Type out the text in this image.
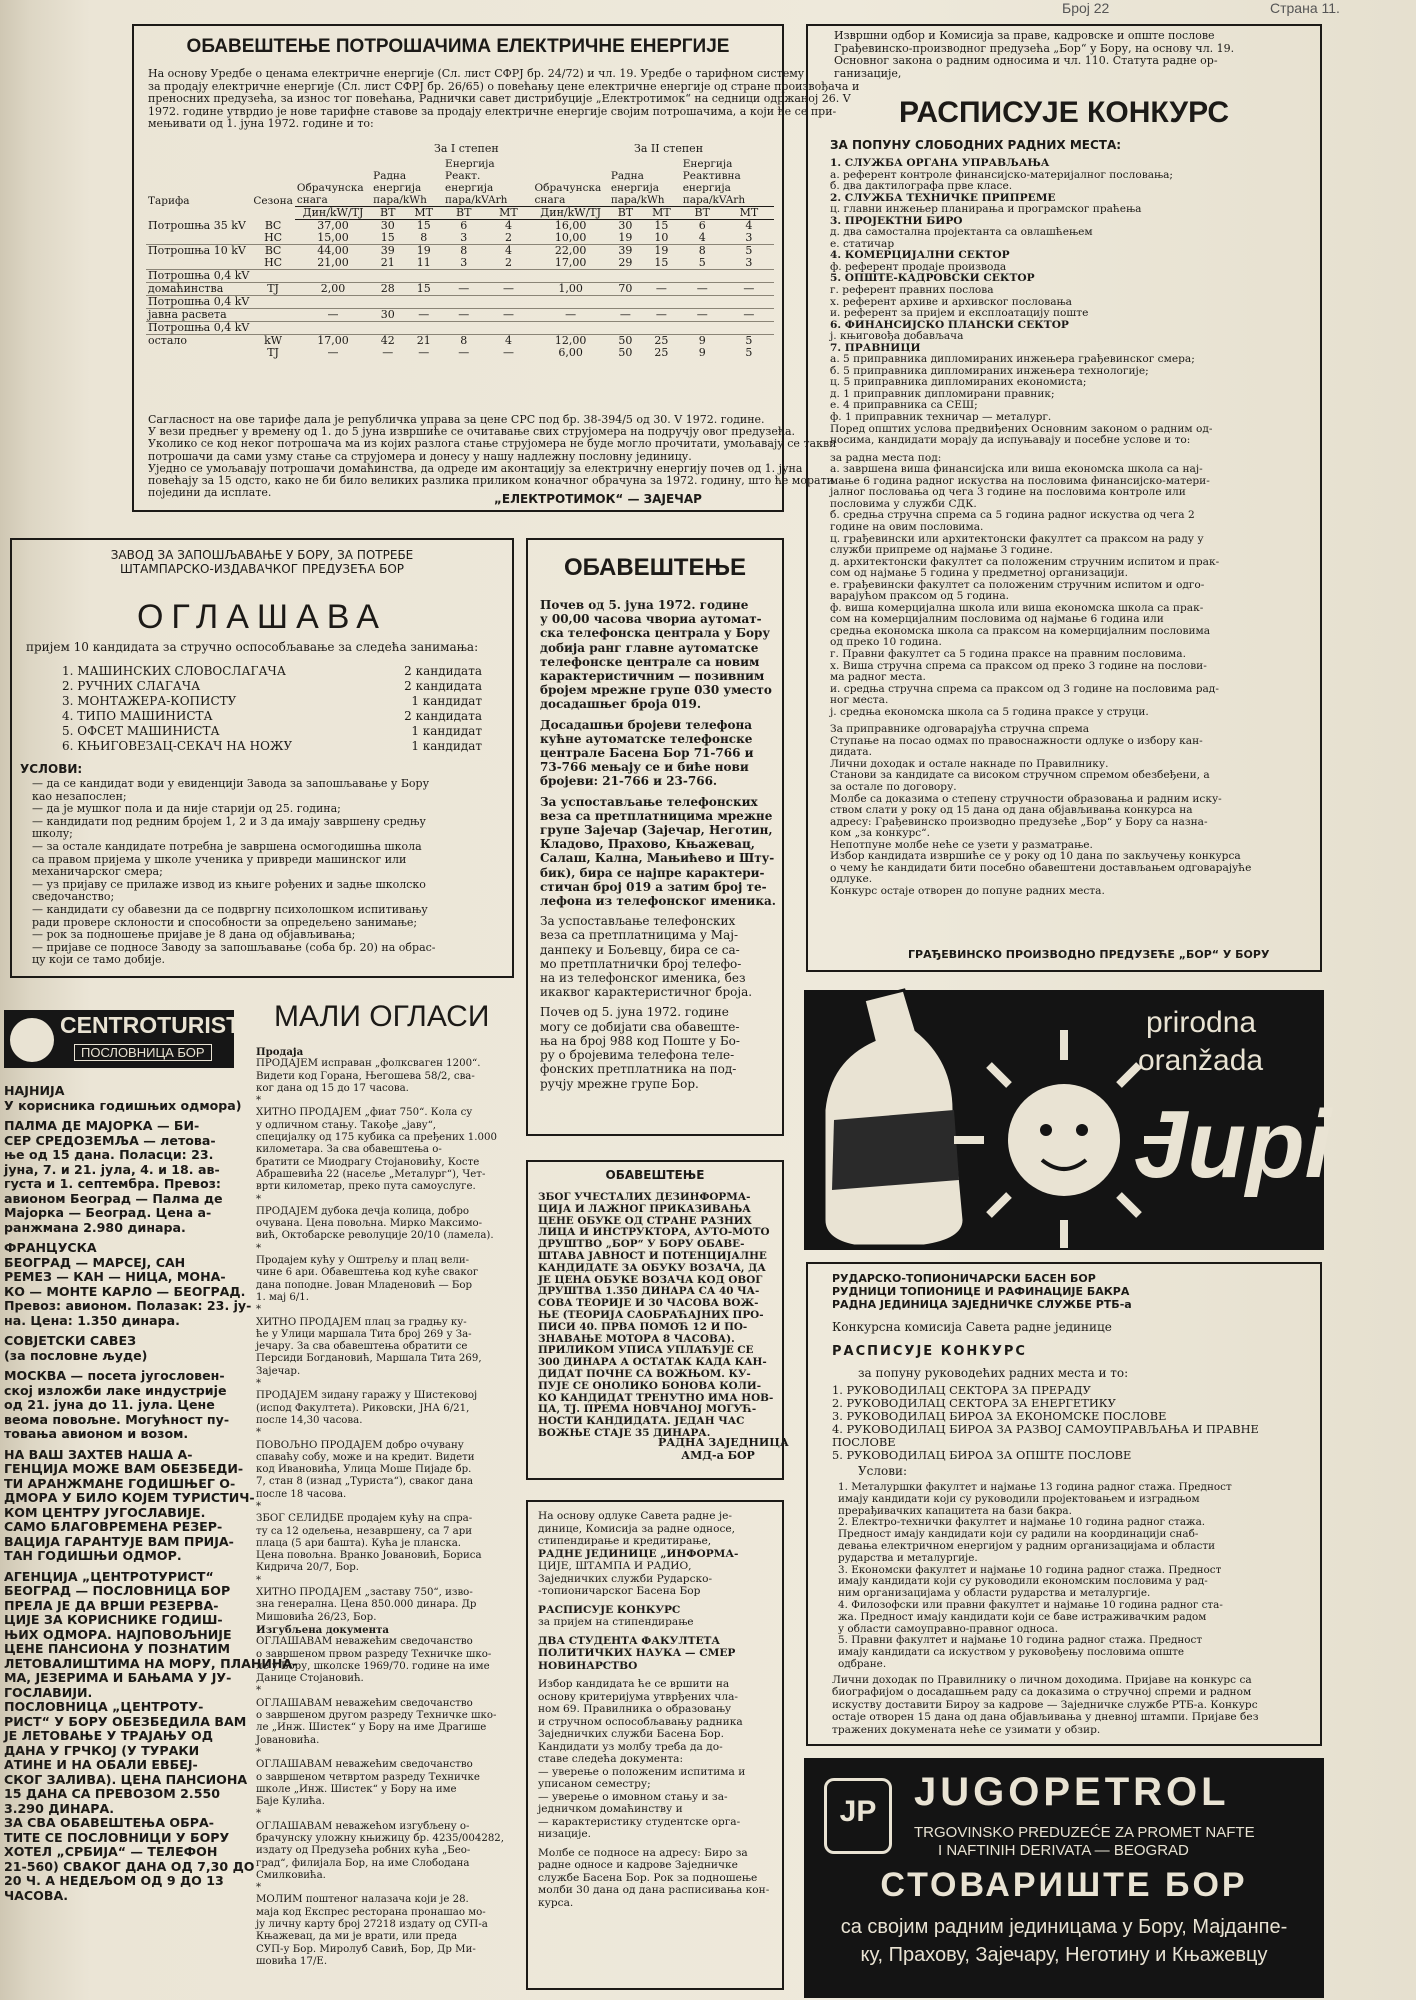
Број 22	Страна 11.
ОБАВЕШТЕЊЕ ПОТРОШАЧИМА ЕЛЕКТРИЧНЕ ЕНЕРГИЈЕ
На основу Уредбе о ценама електричне енергије (Сл. лист СФРЈ бр. 24/72) и чл. 19. Уредбе о тарифном систему
за продају електричне енергије (Сл. лист СФРЈ бр. 26/65) о повећању цене електричне енергије од стране произвођача и
преносних предузећа, за износ тог повећања, Раднички савет дистрибуције „Електротимок“ на седници одржаној 26. V
1972. године утврдио је нове тарифне ставове за продају електричне енергије својим потрошачима, а који ће се при-
мењивати од 1. јуна 1972. године и то:
За I степен	За II степен
Тарифа	Сезона	Обрачунска снага	Радна енергија пара/kWh		Енергија Реакт. енергија пара/kVArh		Обрачунска снага	Радна енергија пара/kWh		Енергија Реактивна енергија пара/kVArh	
		Дин/kW/TJ	ВТ	МТ	ВТ	МТ	Дин/kW/TJ	ВТ	МТ	ВТ	МТ
Потрошња 35 kV	ВС	37,00	30	15	6	4	16,00	30	15	6	4
	НС	15,00	15	8	3	2	10,00	19	10	4	3
Потрошња 10 kV	ВС	44,00	39	19	8	4	22,00	39	19	8	5
	НС	21,00	21	11	3	2	17,00	29	15	5	3
Потрошња 0,4 kV											
домаћинства	TJ	2,00	28	15	—	—	1,00	70	—	—	—
Потрошња 0,4 kV											
јавна расвета		—	30	—	—	—	—	—	—	—	—
Потрошња 0,4 kV											
остало	kW	17,00	42	21	8	4	12,00	50	25	9	5
	TJ	—	—	—	—	—	6,00	50	25	9	5
Сагласност на ове тарифе дала је републичка управа за цене СРС под бр. 38-394/5 од 30. V 1972. године.
У вези предњег у времену од 1. до 5 јуна извршиће се очитавање свих струјомера на подручју овог предузећа.
Уколико се код неког потрошача ма из којих разлога стање струјомера не буде могло прочитати, умољавају се такви
потрошачи да сами узму стање са струјомера и донесу у нашу надлежну пословну јединицу.
Уједно се умољавају потрошачи домаћинства, да одреде им аконтацију за електричну енергију почев од 1. јуна
повећају за 15 одсто, како не би било великих разлика приликом коначног обрачуна за 1972. годину, што ће морати
поједини да исплате.	„ЕЛЕКТРОТИМОК“ — ЗАЈЕЧАР
Извршни одбор и Комисија за праве, кадровске и опште послове
Грађевинско-производног предузећа „Бор“ у Бору, на основу чл. 19.
Основног закона о радним односима и чл. 110. Статута радне ор-
ганизације,
РАСПИСУЈЕ КОНКУРС
ЗА ПОПУНУ СЛОБОДНИХ РАДНИХ МЕСТА:
1. СЛУЖБА ОРГАНА УПРАВЉАЊА
а. референт контроле финансијско-материјалног пословања;
б. два дактилографа прве класе.
2. СЛУЖБА ТЕХНИЧКЕ ПРИПРЕМЕ
ц. главни инжењер планирања и програмског праћења
3. ПРОЈЕКТНИ БИРО
д. два самостална пројектанта са овлашћењем
е. статичар
4. КОМЕРЦИЈАЛНИ СЕКТОР
ф. референт продаје производа
5. ОПШТЕ-КАДРОВСКИ СЕКТОР
г. референт правних послова
х. референт архиве и архивског пословања
и. референт за пријем и експлоатацију поште
6. ФИНАНСИЈСКО ПЛАНСКИ СЕКТОР
ј. књиговођа добављача
7. ПРАВНИЦИ
а. 5 приправника дипломираних инжењера грађевинског смера;
б. 5 приправника дипломираних инжењера технологије;
ц. 5 приправника дипломираних економиста;
д. 1 приправник дипломирани правник;
е. 4 приправника са СЕШ;
ф. 1 приправник техничар — металург.
Поред општих услова предвиђених Основним законом о радним од-
носима, кандидати морају да испуњавају и посебне услове и то:
за радна места под:
а. завршена виша финансијска или виша економска школа са нај-
мање 6 година радног искуства на пословима финансијско-матери-
јалног пословања од чега 3 године на пословима контроле или
пословима у служби СДК.
б. средња стручна спрема са 5 година радног искуства од чега 2
године на овим пословима.
ц. грађевински или архитектонски факултет са праксом на раду у
служби припреме од најмање 3 године.
д. архитектонски факултет са положеним стручним испитом и прак-
сом од најмање 5 година у предметној организацији.
е. грађевински факултет са положеним стручним испитом и одго-
варајућом праксом од 5 година.
ф. виша комерцијална школа или виша економска школа са прак-
сом на комерцијалним пословима од најмање 6 година или
средња економска школа са праксом на комерцијалним пословима
од преко 10 година.
г. Правни факултет са 5 година праксе на правним пословима.
х. Виша стручна спрема са праксом од преко 3 године на послови-
ма радног места.
и. средња стручна спрема са праксом од 3 године на пословима рад-
ног места.
ј. средња економска школа са 5 година праксе у струци.
За приправнике одговарајућа стручна спрема
Ступање на посао одмах по правоснажности одлуке о избору кан-
дидата.
Лични доходак и остале накнаде по Правилнику.
Станови за кандидате са високом стручном спремом обезбеђени, а
за остале по договору.
Молбе са доказима о степену стручности образовања и радним иску-
ством слати у року од 15 дана од дана објављивања конкурса на
адресу: Грађевинско производно предузеће „Бор“ у Бору са назна-
ком „за конкурс“.
Непотпуне молбе неће се узети у разматрање.
Избор кандидата извршиће се у року од 10 дана по закључењу конкурса
о чему ће кандидати бити посебно обавештени достављањем одговарајуће
одлуке.
Конкурс остаје отворен до попуне радних места.
ГРАЂЕВИНСКО ПРОИЗВОДНО ПРЕДУЗЕЋЕ „БОР“ У БОРУ
ЗАВОД ЗА ЗАПОШЉАВАЊЕ У БОРУ, ЗА ПОТРЕБЕ
ШТАМПАРСКО-ИЗДАВАЧКОГ ПРЕДУЗЕЋА БОР
ОГЛАШАВА
пријем 10 кандидата за стручно оспособљавање за следећа занимања:
1. МАШИНСКИХ СЛОВОСЛАГАЧА	2 кандидата
2. РУЧНИХ СЛАГАЧА	2 кандидата
3. МОНТАЖЕРА-КОПИСТУ	1 кандидат
4. ТИПО МАШИНИСТА	2 кандидата
5. ОФСЕТ МАШИНИСТА	1 кандидат
6. КЊИГОВЕЗАЦ-СЕКАЧ НА НОЖУ	1 кандидат
УСЛОВИ:
— да се кандидат води у евиденцији Завода за запошљавање у Бору
као незапослен;
— да је мушког пола и да није старији од 25. година;
— кандидати под редним бројем 1, 2 и 3 да имају завршену средњу
школу;
— за остале кандидате потребна је завршена осмогодишња школа
са правом пријема у школе ученика у привреди машинског или
механичарског смера;
— уз пријаву се прилаже извод из књиге рођених и задње школско
сведочанство;
— кандидати су обавезни да се подвргну психолошком испитивању
ради провере склоности и способности за опредељено занимање;
— рок за подношење пријаве је 8 дана од објављивања;
— пријаве се подносе Заводу за запошљавање (соба бр. 20) на обрас-
цу који се тамо добије.
ОБАВЕШТЕЊЕ
Почев од 5. јуна 1972. године
у 00,00 часова чвориа аутомат-
ска телефонска централа у Бору
добија ранг главне аутоматске
телефонске централе са новим
карактеристичним — позивним
бројем мрежне групе 030 уместо
досадашњег броја 019.
Досадашњи бројеви телефона
кућне аутоматске телефонске
централе Басена Бор 71-766 и
73-766 мењају се и биће нови
бројеви: 21-766 и 23-766.
За успостављање телефонских
веза са претплатницима мрежне
групе Зајечар (Зајечар, Неготин,
Кладово, Прахово, Књажевац,
Салаш, Кална, Мањићево и Шту-
бик), бира се најпре карактери-
стичан број 019 а затим број те-
лефона из телефонског именика.
За успостављање телефонских
веза са претплатницима у Мај-
данпеку и Бољевцу, бира се са-
мо претплатнички број телефо-
на из телефонског именика, без
икаквог карактеристичног броја.
Почев од 5. јуна 1972. године
могу се добијати сва обавеште-
ња на број 988 код Поште у Бо-
ру о бројевима телефона теле-
фонских претплатника на под-
ручју мрежне групе Бор.
CENTROTURIST
ПОСЛОВНИЦА БОР
НАЈНИЈА
У корисника годишњих одмора)
ПАЛМА ДЕ МАЈОРКА — БИ-
СЕР СРЕДОЗЕМЉА — летова-
ње од 15 дана. Поласци: 23.
јуна, 7. и 21. јула, 4. и 18. ав-
густа и 1. септембра. Превоз:
авионом Београд — Палма де
Мајорка — Београд. Цена а-
ранжмана 2.980 динара.
ФРАНЦУСКА
БЕОГРАД — МАРСЕЈ, САН
РЕМЕЗ — КАН — НИЦА, МОНА-
КО — МОНТЕ КАРЛО — БЕОГРАД.
Превоз: авионом. Полазак: 23. ју-
на. Цена: 1.350 динара.
СОВЈЕТСКИ САВЕЗ
(за пословне људе)
МОСКВА — посета југословен-
ској изложби лаке индустрије
од 21. јуна до 11. јула. Цене
веома повољне. Могућност пу-
товања авионом и возом.
НА ВАШ ЗАХТЕВ НАША А-
ГЕНЦИЈА МОЖЕ ВАМ ОБЕЗБЕДИ-
ТИ АРАНЖМАНЕ ГОДИШЊЕГ О-
ДМОРА У БИЛО КОЈЕМ ТУРИСТИЧ-
КОМ ЦЕНТРУ ЈУГОСЛАВИЈЕ.
САМО БЛАГОВРЕМЕНА РЕЗЕР-
ВАЦИЈА ГАРАНТУЈЕ ВАМ ПРИЈА-
ТАН ГОДИШЊИ ОДМОР.
АГЕНЦИЈА „ЦЕНТРОТУРИСТ“
БЕОГРАД — ПОСЛОВНИЦА БОР
ПРЕЛА ЈЕ ДА ВРШИ РЕЗЕРВА-
ЦИЈЕ ЗА КОРИСНИКЕ ГОДИШ-
ЊИХ ОДМОРА. НАЈПОВОЉНИЈЕ
ЦЕНЕ ПАНСИОНА У ПОЗНАТИМ
ЛЕТОВАЛИШТИМА НА МОРУ, ПЛАНИНА-
МА, ЈЕЗЕРИМА И БАЊАМА У ЈУ-
ГОСЛАВИЈИ.
ПОСЛОВНИЦА „ЦЕНТРОТУ-
РИСТ“ У БОРУ ОБЕЗБЕДИЛА ВАМ
ЈЕ ЛЕТОВАЊЕ У ТРАЈАЊУ ОД
ДАНА У ГРЧКОЈ (У ТУРАКИ
АТИНЕ И НА ОБАЛИ ЕВБЕЈ-
СКОГ ЗАЛИВА). ЦЕНА ПАНСИОНА
15 ДАНА СА ПРЕВОЗОМ 2.550
3.290 ДИНАРА.
ЗА СВА ОБАВЕШТЕЊА ОБРА-
ТИТЕ СЕ ПОСЛОВНИЦИ У БОРУ
ХОТЕЛ „СРБИЈА“ — ТЕЛЕФОН
21-560) СВАКОГ ДАНА ОД 7,30 ДО
20 Ч. А НЕДЕЉОМ ОД 9 ДО 13
ЧАСОВА.
МАЛИ ОГЛАСИ
Продаја
ПРОДАЈЕМ исправан „фолксваген 1200“.
Видети код Горана, Његошева 58/2, сва-
ког дана од 15 до 17 часова.
*
ХИТНО ПРОДАЈЕМ „фиат 750“. Кола су
у одличном стању. Такође „јаву“,
специјалку од 175 кубика са пређених 1.000
километара. За сва обавештења о-
братити се Миодрагу Стојановићу, Косте
Абрашевића 22 (насеље „Металург“), Чет-
врти километар, преко пута самоуслуге.
*
ПРОДАЈЕМ дубока дечја колица, добро
очувана. Цена повољна. Мирко Максимо-
вић, Октобарске револуције 20/10 (ламела).
*
Продајем кућу у Оштрељу и плац вели-
чине 6 ари. Обавештења код куће сваког
дана поподне. Јован Младеновић — Бор
1. мај 6/1.
*
ХИТНО ПРОДАЈЕМ плац за градњу ку-
ће у Улици маршала Тита број 269 у За-
јечару. За сва обавештења обратити се
Персиди Богдановић, Маршала Тита 269,
Зајечар.
*
ПРОДАЈЕМ зидану гаражу у Шистековој
(испод Факултета). Риковски, ЈНА 6/21,
после 14,30 часова.
*
ПОВОЉНО ПРОДАЈЕМ добро очувану
спаваћу собу, може и на кредит. Видети
код Ивановића, Улица Моше Пијаде бр.
7, стан 8 (изнад „Туриста“), сваког дана
после 18 часова.
*
ЗБОГ СЕЛИДБЕ продајем кућу на спра-
ту са 12 одељења, незавршену, са 7 ари
плаца (5 ари башта). Кућа је планска.
Цена повољна. Вранко Јовановић, Бориса
Кидрича 20/7, Бор.
*
ХИТНО ПРОДАЈЕМ „заставу 750“, изво-
зна генерална. Цена 850.000 динара. Др
Мишовића 26/23, Бор.
Изгубљена документа
ОГЛАШАВАМ неважећим сведочанство
о завршеном првом разреду Техничке шко-
ле у Бору, школске 1969/70. године на име
Данице Стојановић.
*
ОГЛАШАВАМ неважећим сведочанство
о завршеном другом разреду Техничке шко-
ле „Инж. Шистек“ у Бору на име Драгише
Јовановића.
*
ОГЛАШАВАМ неважећим сведочанство
о завршеном четвртом разреду Техничке
школе „Инж. Шистек“ у Бору на име
Баје Кулића.
*
ОГЛАШАВАМ неважећом изгубљену о-
брачунску уложну књижицу бр. 4235/004282,
издату од Предузећа робних кућа „Бео-
град“, филијала Бор, на име Слободана
Смилковића.
*
МОЛИМ поштеног налазача који је 28.
маја код Експрес ресторана пронашао мо-
ју личну карту број 27218 издату од СУП-а
Књажевац, да ми је врати, или преда
СУП-у Бор. Миролуб Савић, Бор, Др Ми-
шовића 17/Е.
ОБАВЕШТЕЊЕ
ЗБОГ УЧЕСТАЛИХ ДЕЗИНФОРМА-
ЦИЈА И ЛАЖНОГ ПРИКАЗИВАЊА
ЦЕНЕ ОБУКЕ ОД СТРАНЕ РАЗНИХ
ЛИЦА И ИНСТРУКТОРА, АУТО-МОТО
ДРУШТВО „БОР“ У БОРУ ОБАВЕ-
ШТАВА ЈАВНОСТ И ПОТЕНЦИЈАЛНЕ
КАНДИДАТЕ ЗА ОБУКУ ВОЗАЧА, ДА
ЈЕ ЦЕНА ОБУКЕ ВОЗАЧА КОД ОВОГ
ДРУШТВА 1.350 ДИНАРА СА 40 ЧА-
СОВА ТЕОРИЈЕ И 30 ЧАСОВА ВОЖ-
ЊЕ (ТЕОРИЈА САОБРАЋАЈНИХ ПРО-
ПИСИ 40. ПРВА ПОМОЋ 12 И ПО-
ЗНАВАЊЕ МОТОРА 8 ЧАСОВА).
ПРИЛИКОМ УПИСА УПЛАЋУЈЕ СЕ
300 ДИНАРА А ОСТАТАК КАДА КАН-
ДИДАТ ПОЧНЕ СА ВОЖЊОМ. КУ-
ПУЈЕ СЕ ОНОЛИКО БОНОВА КОЛИ-
КО КАНДИДАТ ТРЕНУТНО ИМА НОВ-
ЦА, ТЈ. ПРЕМА НОВЧАНОЈ МОГУЋ-
НОСТИ КАНДИДАТА. ЈЕДАН ЧАС
ВОЖЊЕ СТАЈЕ 35 ДИНАРА.
РАДНА ЗАЈЕДНИЦА
АМД-а БОР
На основу одлуке Савета радне је-
динице, Комисија за радне односе,
стипендирање и кредитирање,
РАДНЕ ЈЕДИНИЦЕ „ИНФОРМА-
ЦИЈЕ, ШТАМПА И РАДИО,
Заједничких служби Рударско-
-топионичарског Басена Бор
РАСПИСУЈЕ КОНКУРС
за пријем на стипендирање
ДВА СТУДЕНТА ФАКУЛТЕТА
ПОЛИТИЧКИХ НАУКА — СМЕР
НОВИНАРСТВО
Избор кандидата ће се вршити на
основу критеријума утврђених чла-
ном 69. Правилника о образовању
и стручном оспособљавању радника
Заједничких служби Басена Бор.
Кандидати уз молбу треба да до-
ставе следећа документа:
— уверење о положеним испитима и
уписаном семестру;
— уверење о имовном стању и за-
једничком домаћинству и
— карактеристику студентске орга-
низације.
Молбе се подносе на адресу: Биро за
радне односе и кадрове Заједничке
службе Басена Бор. Рок за подношење
молби 30 дана од дана расписивања кон-
курса.
prirodna
oranžada
Jupi
РУДАРСКО-ТОПИОНИЧАРСКИ БАСЕН БОР
РУДНИЦИ ТОПИОНИЦЕ И РАФИНАЦИЈЕ БАКРА
РАДНА ЈЕДИНИЦА ЗАЈЕДНИЧКЕ СЛУЖБЕ РТБ-а
Конкурсна комисија Савета радне јединице
РАСПИСУЈЕ КОНКУРС
за попуну руководећих радних места и то:
1. РУКОВОДИЛАЦ СЕКТОРА ЗА ПРЕРАДУ
2. РУКОВОДИЛАЦ СЕКТОРА ЗА ЕНЕРГЕТИКУ
3. РУКОВОДИЛАЦ БИРОА ЗА ЕКОНОМСКЕ ПОСЛОВЕ
4. РУКОВОДИЛАЦ БИРОА ЗА РАЗВОЈ САМОУПРАВЉАЊА И ПРАВНЕ
ПОСЛОВЕ
5. РУКОВОДИЛАЦ БИРОА ЗА ОПШТЕ ПОСЛОВЕ
Услови:
1. Металуршки факултет и најмање 13 година радног стажа. Предност
имају кандидати који су руководили пројектовањем и изградњом
прерађивачких капацитета на бази бакра.
2. Електро-технички факултет и најмање 10 година радног стажа.
Предност имају кандидати који су радили на координацији снаб-
девања електричном енергијом у радним организацијама и области
рударства и металургије.
3. Економски факултет и најмање 10 година радног стажа. Предност
имају кандидати који су руководили економским пословима у рад-
ним организацијама у области рударства и металургије.
4. Филозофски или правни факултет и најмање 10 година радног ста-
жа. Предност имају кандидати који се баве истраживачким радом
у области самоуправно-правног односа.
5. Правни факултет и најмање 10 година радног стажа. Предност
имају кандидати са искуством у руковођењу пословима опште
одбране.
Лични доходак по Правилнику о личном доходима. Пријаве на конкурс са
биографијом о досадашњем раду са доказима о стручној спреми и радном
искуству доставити Бироу за кадрове — Заједничке службе РТБ-а. Конкурс
остаје отворен 15 дана од дана објављивања у дневној штампи. Пријаве без
тражених докумената неће се узимати у обзир.
JP JUGOPETROL
TRGOVINSKO PREDUZEĆE ZA PROMET NAFTE
I NAFTINIH DERIVATA — BEOGRAD
СТОВАРИШТЕ БОР
са својим радним јединицама у Бору, Мајданпе-
ку, Прахову, Зајечару, Неготину и Књажевцу
